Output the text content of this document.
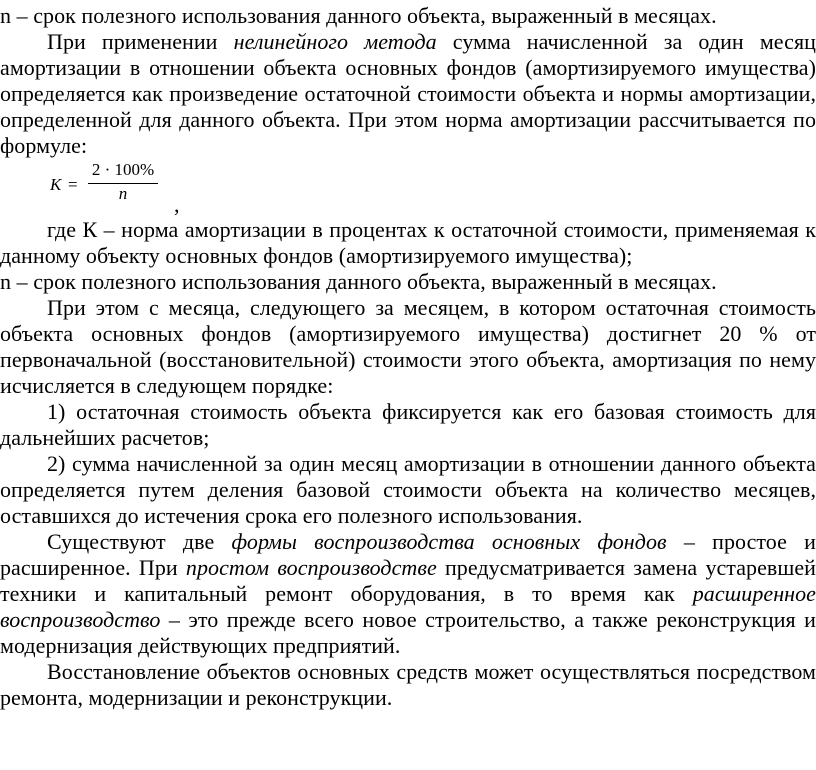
n – срок полезного использования данного объекта, выраженный в месяцах.

При применении нелинейного метода сумма начисленной за один месяц амортизации в отношении объекта основных фондов (амортизируемого имущества) определяется как произведение остаточной стоимости объекта и нормы амортизации, определенной для данного объекта. При этом норма амортизации рассчитывается по формуле:

K =
2 · 100%
n	,

где К – норма амортизации в процентах к остаточной стоимости, применяемая к данному объекту основных фондов (амортизируемого имущества);

n – срок полезного использования данного объекта, выраженный в месяцах.

При этом с месяца, следующего за месяцем, в котором остаточная стоимость объекта основных фондов (амортизируемого имущества) достигнет 20 % от первоначальной (восстановительной) стоимости этого объекта, амортизация по нему исчисляется в следующем порядке:

1) остаточная стоимость объекта фиксируется как его базовая стоимость для дальнейших расчетов;

2) сумма начисленной за один месяц амортизации в отношении данного объекта определяется путем деления базовой стоимости объекта на количество месяцев, оставшихся до истечения срока его полезного использования.

Существуют две формы воспроизводства основных фондов – простое и расширенное. При простом воспроизводстве предусматривается замена устаревшей техники и капитальный ремонт оборудования, в то время как расширенное воспроизводство – это прежде всего новое строительство, а также реконструкция и модернизация действующих предприятий.

Восстановление объектов основных средств может осуществляться посредством ремонта, модернизации и реконструкции.
